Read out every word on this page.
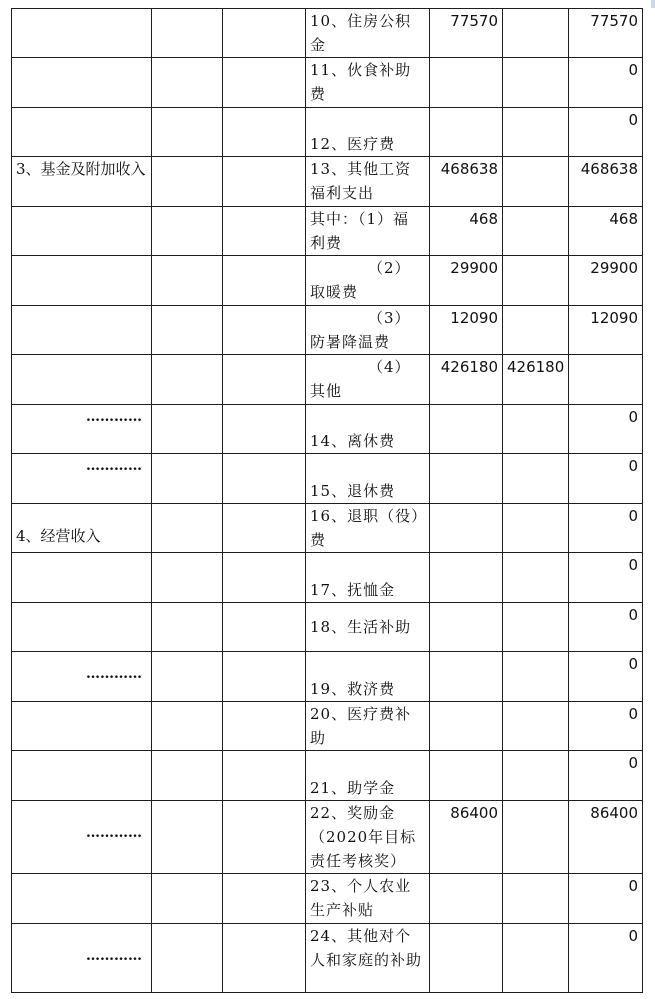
			10、住房公积金	77570		77570
			11、伙食补助费			0
			12、医疗费			0
3、基金及附加收入			13、其他工资福利支出	468638		468638
			其中：（1）福利费	468		468
			（2）取暖费	29900		29900
			（3）防暑降温费	12090		12090
			（4）其他	426180	426180	

…………			14、离休费			0

…………			15、退休费			0
4、经营收入			16、退职（役）费			0
			17、抚恤金			0
			18、生活补助			0

…………			19、救济费			0
			20、医疗费补助			0
			21、助学金			0

…………			22、奖励金（2020年目标责任考核奖）	86400		86400
			23、个人农业生产补贴			0

…………			24、其他对个人和家庭的补助			0
